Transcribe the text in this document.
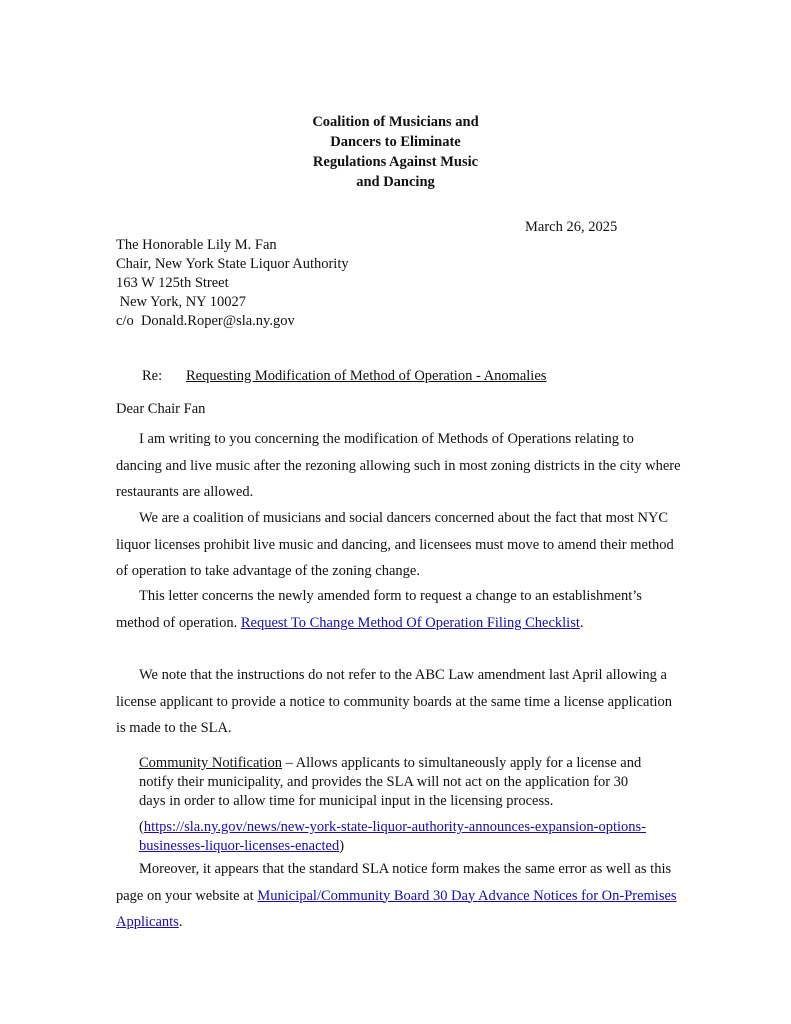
Coalition of Musicians and
Dancers to Eliminate
Regulations Against Music
and Dancing
March 26, 2025
The Honorable Lily M. Fan
Chair, New York State Liquor Authority
163 W 125th Street
New York, NY 10027
c/o  Donald.Roper@sla.ny.gov
Re: Requesting Modification of Method of Operation - Anomalies
Dear Chair Fan
I am writing to you concerning the modification of Methods of Operations relating to dancing and live music after the rezoning allowing such in most zoning districts in the city where restaurants are allowed.
We are a coalition of musicians and social dancers concerned about the fact that most NYC liquor licenses prohibit live music and dancing, and licensees must move to amend their method of operation to take advantage of the zoning change.
This letter concerns the newly amended form to request a change to an establishment’s method of operation. Request To Change Method Of Operation Filing Checklist.
We note that the instructions do not refer to the ABC Law amendment last April allowing a license applicant to provide a notice to community boards at the same time a license application is made to the SLA.
Community Notification – Allows applicants to simultaneously apply for a license and notify their municipality, and provides the SLA will not act on the application for 30 days in order to allow time for municipal input in the licensing process.
(https://sla.ny.gov/news/new-york-state-liquor-authority-announces-expansion-options-businesses-liquor-licenses-enacted)
Moreover, it appears that the standard SLA notice form makes the same error as well as this page on your website at Municipal/Community Board 30 Day Advance Notices for On-Premises Applicants.
